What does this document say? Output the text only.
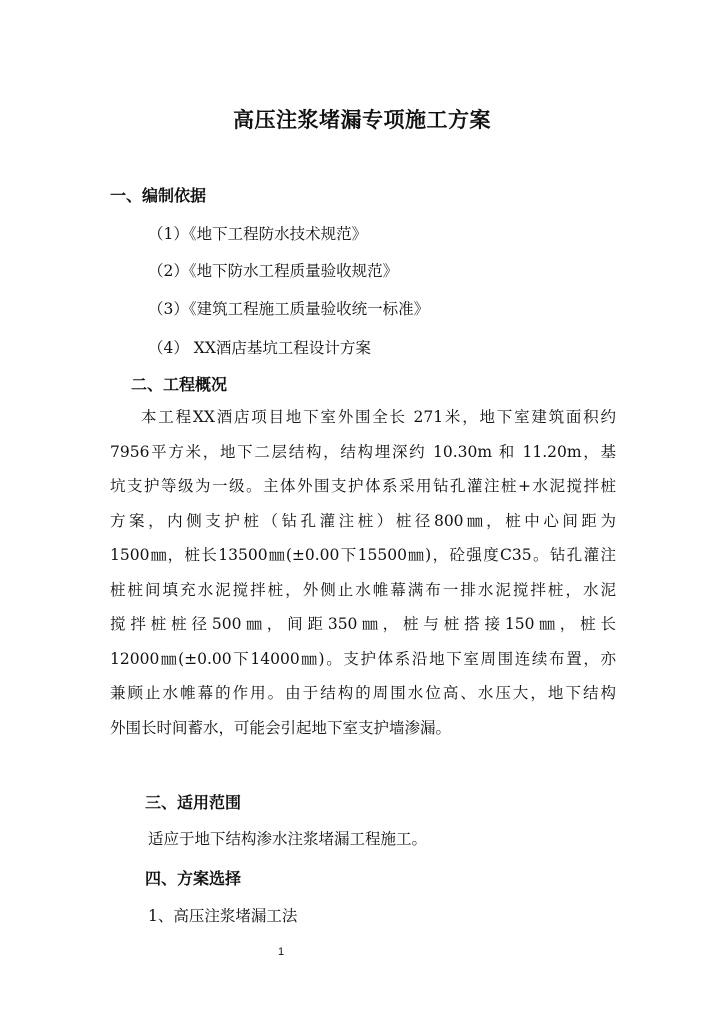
高压注浆堵漏专项施工方案
一、编制依据
（1）《地下工程防水技术规范》
（2）《地下防水工程质量验收规范》
（3）《建筑工程施工质量验收统一标准》
（4） XX酒店基坑工程设计方案
二、工程概况
本工程XX酒店项目地下室外围全长 271米，地下室建筑面积约
7956平方米，地下二层结构，结构埋深约 10.30m 和 11.20m，基
坑支护等级为一级。主体外围支护体系采用钻孔灌注桩+水泥搅拌桩
方案，内侧支护桩（钻孔灌注桩）桩径800㎜，桩中心间距为
1500㎜，桩长13500㎜(±0.00下15500㎜)，砼强度C35。钻孔灌注
桩桩间填充水泥搅拌桩，外侧止水帷幕满布一排水泥搅拌桩，水泥
搅拌桩桩径500㎜，间距350㎜，桩与桩搭接150㎜，桩长
12000㎜(±0.00下14000㎜)。支护体系沿地下室周围连续布置，亦
兼顾止水帷幕的作用。由于结构的周围水位高、水压大，地下结构
外围长时间蓄水，可能会引起地下室支护墙渗漏。
三、适用范围
适应于地下结构渗水注浆堵漏工程施工。
四、方案选择
1、高压注浆堵漏工法
1
